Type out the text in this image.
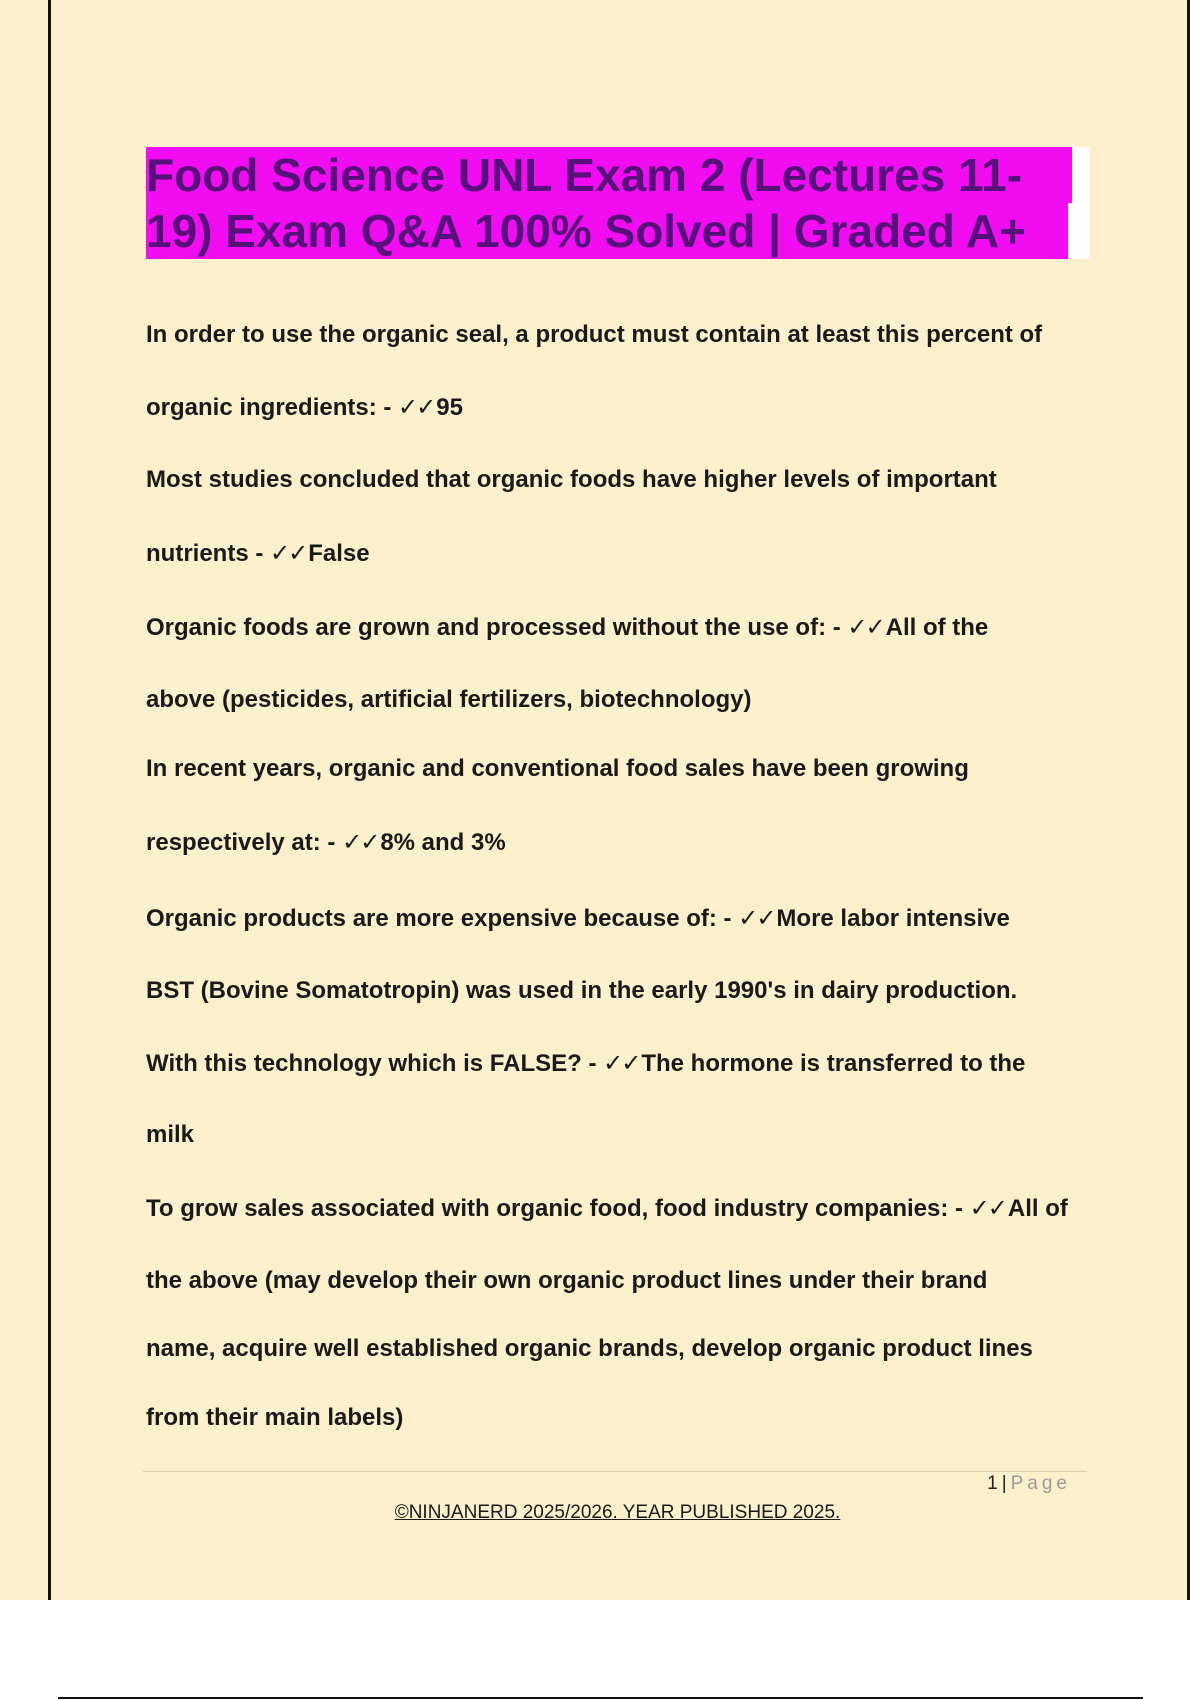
Food Science UNL Exam 2 (Lectures 11-
19) Exam Q&A 100% Solved | Graded A+
In order to use the organic seal, a product must contain at least this percent of
organic ingredients: - ✓✓95
Most studies concluded that organic foods have higher levels of important
nutrients - ✓✓False
Organic foods are grown and processed without the use of: - ✓✓All of the
above (pesticides, artificial fertilizers, biotechnology)
In recent years, organic and conventional food sales have been growing
respectively at: - ✓✓8% and 3%
Organic products are more expensive because of: - ✓✓More labor intensive
BST (Bovine Somatotropin) was used in the early 1990's in dairy production.
With this technology which is FALSE? - ✓✓The hormone is transferred to the
milk
To grow sales associated with organic food, food industry companies: - ✓✓All of
the above (may develop their own organic product lines under their brand
name, acquire well established organic brands, develop organic product lines
from their main labels)
1 | Page
©NINJANERD 2025/2026. YEAR PUBLISHED 2025.
